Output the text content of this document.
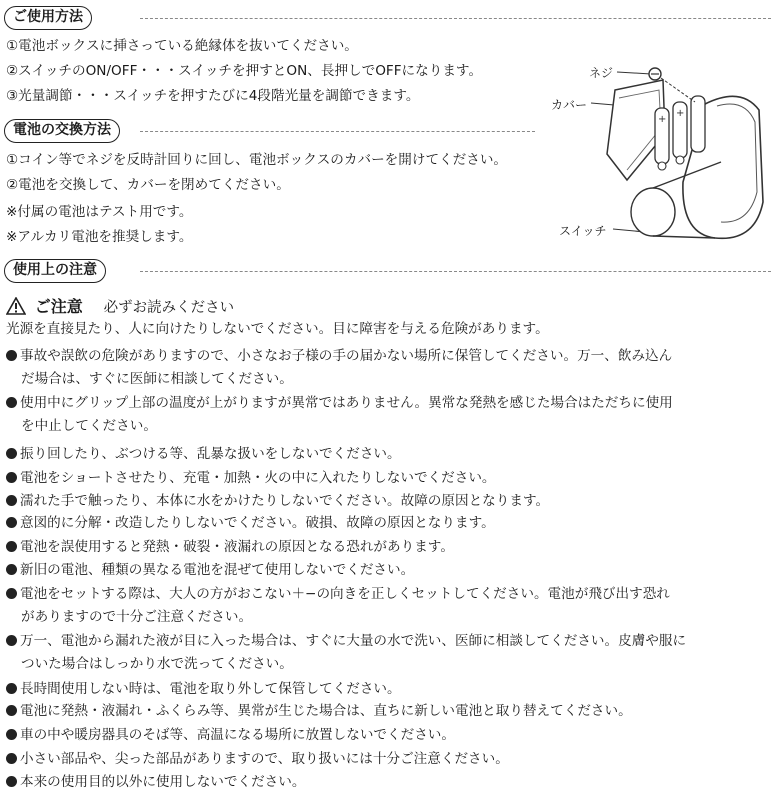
ご使用方法
①電池ボックスに挿さっている絶縁体を抜いてください。
②スイッチのON/OFF・・・スイッチを押すとON、長押しでOFFになります。
③光量調節・・・スイッチを押すたびに4段階光量を調節できます。
電池の交換方法
①コイン等でネジを反時計回りに回し、電池ボックスのカバーを開けてください。
②電池を交換して、カバーを閉めてください。
※付属の電池はテスト用です。
※アルカリ電池を推奨します。
ネジ
カバー
スイッチ
+
+
使用上の注意
ご注意 必ずお読みください
光源を直接見たり、人に向けたりしないでください。目に障害を与える危険があります。
事故や誤飲の危険がありますので、小さなお子様の手の届かない場所に保管してください。万一、飲み込ん
だ場合は、すぐに医師に相談してください。
使用中にグリップ上部の温度が上がりますが異常ではありません。異常な発熱を感じた場合はただちに使用
を中止してください。
振り回したり、ぶつける等、乱暴な扱いをしないでください。
電池をショートさせたり、充電・加熱・火の中に入れたりしないでください。
濡れた手で触ったり、本体に水をかけたりしないでください。故障の原因となります。
意図的に分解・改造したりしないでください。破損、故障の原因となります。
電池を誤使用すると発熱・破裂・液漏れの原因となる恐れがあります。
新旧の電池、種類の異なる電池を混ぜて使用しないでください。
電池をセットする際は、大人の方がおこない＋−の向きを正しくセットしてください。電池が飛び出す恐れ
がありますので十分ご注意ください。
万一、電池から漏れた液が目に入った場合は、すぐに大量の水で洗い、医師に相談してください。皮膚や服に
ついた場合はしっかり水で洗ってください。
長時間使用しない時は、電池を取り外して保管してください。
電池に発熱・液漏れ・ふくらみ等、異常が生じた場合は、直ちに新しい電池と取り替えてください。
車の中や暖房器具のそば等、高温になる場所に放置しないでください。
小さい部品や、尖った部品がありますので、取り扱いには十分ご注意ください。
本来の使用目的以外に使用しないでください。
